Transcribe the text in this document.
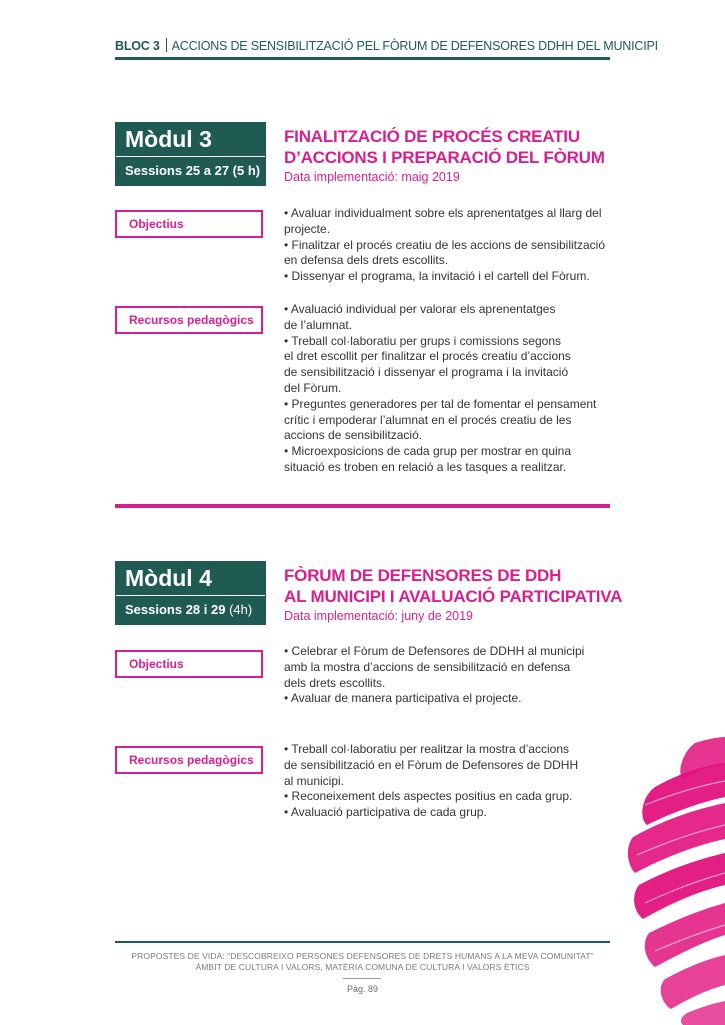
BLOC 3 ACCIONS DE SENSIBILITZACIÓ PEL FÒRUM DE DEFENSORES DDHH DEL MUNICIPI
Mòdul 3
Sessions 25 a 27 (5 h)
FINALITZACIÓ DE PROCÉS CREATIU
D’ACCIONS I PREPARACIÓ DEL FÒRUM
Data implementació: maig 2019
Objectius
• Avaluar individualment sobre els aprenentatges al llarg del
projecte.
• Finalitzar el procés creatiu de les accions de sensibilització
en defensa dels drets escollits.
• Dissenyar el programa, la invitació i el cartell del Fòrum.
Recursos pedagògics
• Avaluació individual per valorar els aprenentatges
de l’alumnat.
• Treball col·laboratiu per grups i comissions segons
el dret escollit per finalitzar el procés creatiu d’accions
de sensibilització i dissenyar el programa i la invitació
del Fòrum.
• Preguntes generadores per tal de fomentar el pensament
crític i empoderar l’alumnat en el procés creatiu de les
accions de sensibilització.
• Microexposicions de cada grup per mostrar en quina
situació es troben en relació a les tasques a realitzar.
Mòdul 4
Sessions 28 i 29 (4h)
FÒRUM DE DEFENSORES DE DDH
AL MUNICIPI I AVALUACIÓ PARTICIPATIVA
Data implementació: juny de 2019
Objectius
• Celebrar el Fòrum de Defensores de DDHH al municipi
amb la mostra d’accions de sensibilització en defensa
dels drets escollits.
• Avaluar de manera participativa el projecte.
Recursos pedagògics
• Treball col·laboratiu per realitzar la mostra d’accions
de sensibilització en el Fòrum de Defensores de DDHH
al municipi.
• Reconeixement dels aspectes positius en cada grup.
• Avaluació participativa de cada grup.
PROPOSTES DE VIDA: “DESCOBREIXO PERSONES DEFENSORES DE DRETS HUMANS A LA MEVA COMUNITAT”
ÀMBIT DE CULTURA I VALORS, MATÈRIA COMUNA DE CULTURA I VALORS ÈTICS
Pàg. 89
